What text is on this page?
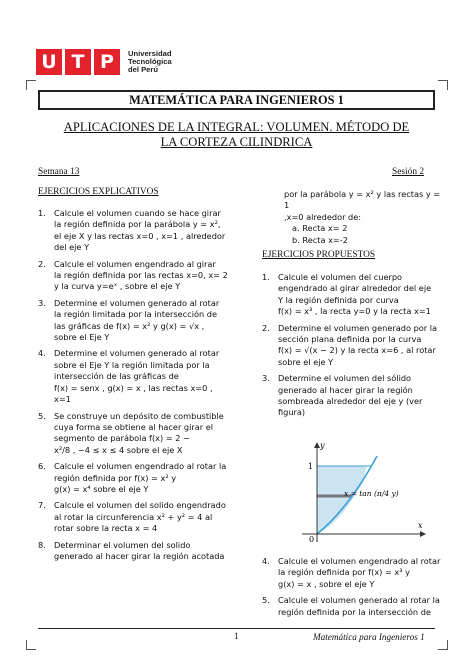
U T P	Universidad
Tecnológica
del Perú
MATEMÁTICA PARA INGENIEROS 1
APLICACIONES DE LA INTEGRAL: VOLUMEN. MÉTODO DE
LA CORTEZA CILINDRICA
Semana 13	Sesión 2
EJERCICIOS EXPLICATIVOS
1. Calcule el volumen cuando se hace girar
la región definida por la parábola y = x²,
el eje X y las rectas x=0 , x=1 , alrededor
del eje Y
2. Calcule el volumen engendrado al girar
la región definida por las rectas x=0, x= 2
y la curva y=eˣ , sobre el eje Y
3. Determine el volumen generado al rotar
la región limitada por la intersección de
las gráficas de f(x) = x² y g(x) = √x ,
sobre el Eje Y
4. Determine el volumen generado al rotar
sobre el Eje Y la región limitada por la
intersección de las gráficas de
f(x) = senx , g(x) = x , las rectas x=0 ,
x=1
5. Se construye un depósito de combustible
cuya forma se obtiene al hacer girar el
segmento de parábola f(x) = 2 −
x²/8 , −4 ≤ x ≤ 4 sobre el eje X
6. Calcule el volumen engendrado al rotar la
región definida por f(x) = x² y
g(x) = x⁴ sobre el eje Y
7. Calcule el volumen del solido engendrado
al rotar la circunferencia x² + y² = 4 al
rotar sobre la recta x = 4
8. Determinar el volumen del solido
generado al hacer girar la región acotada
por la parábola y = x² y las rectas y = 1
,x=0 alrededor de:
a. Recta x= 2
b. Recta x=-2
EJERCICIOS PROPUESTOS
1. Calcule el volumen del cuerpo
engendrado al girar alrededor del eje
Y la región definida por curva
f(x) = x³ , la recta y=0 y la recta x=1
2. Determine el volumen generado por la
sección plana definida por la curva
f(x) = √(x − 2) y la recta x=6 , al rotar
sobre el eje Y
3. Determine el volumen del sólido
generado al hacer girar la región
sombreada alrededor del eje y (ver
figura)
y
x
1
0
x = tan (π/4 y)
4. Calcule el volumen engendrado al rotar
la región definida por f(x) = x³ y
g(x) = x , sobre el eje Y
5. Calcule el volumen generado al rotar la
región definida por la intersección de
1	Matemática para Ingenieros 1
